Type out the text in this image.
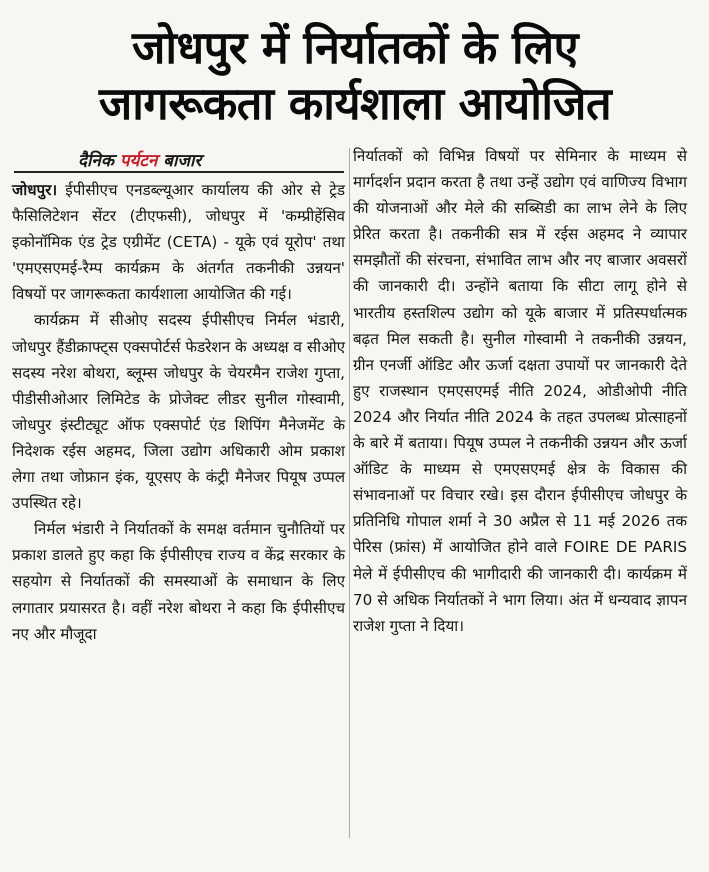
जोधपुर में निर्यातकों के लिए
जागरूकता कार्यशाला आयोजित
दैनिक पर्यटन बाजार

जोधपुर। ईपीसीएच एनडब्ल्यूआर कार्यालय की ओर से ट्रेड फैसिलिटेशन सेंटर (टीएफसी), जोधपुर में 'कम्प्रीहेंसिव इकोनॉमिक एंड ट्रेड एग्रीमेंट (CETA) - यूके एवं यूरोप' तथा 'एमएसएमई-रैम्प कार्यक्रम के अंतर्गत तकनीकी उन्नयन' विषयों पर जागरूकता कार्यशाला आयोजित की गई।

कार्यक्रम में सीओए सदस्य ईपीसीएच निर्मल भंडारी, जोधपुर हैंडीक्राफ्ट्स एक्सपोर्टर्स फेडरेशन के अध्यक्ष व सीओए सदस्य नरेश बोथरा, ब्लूम्स जोधपुर के चेयरमैन राजेश गुप्ता, पीडीसीओआर लिमिटेड के प्रोजेक्ट लीडर सुनील गोस्वामी, जोधपुर इंस्टीट्यूट ऑफ एक्सपोर्ट एंड शिपिंग मैनेजमेंट के निदेशक रईस अहमद, जिला उद्योग अधिकारी ओम प्रकाश लेगा तथा जोफ्रान इंक, यूएसए के कंट्री मैनेजर पियूष उप्पल उपस्थित रहे।

निर्मल भंडारी ने निर्यातकों के समक्ष वर्तमान चुनौतियों पर प्रकाश डालते हुए कहा कि ईपीसीएच राज्य व केंद्र सरकार के सहयोग से निर्यातकों की समस्याओं के समाधान के लिए लगातार प्रयासरत है। वहीं नरेश बोथरा ने कहा कि ईपीसीएच नए और मौजूदा

निर्यातकों को विभिन्न विषयों पर सेमिनार के माध्यम से मार्गदर्शन प्रदान करता है तथा उन्हें उद्योग एवं वाणिज्य विभाग की योजनाओं और मेले की सब्सिडी का लाभ लेने के लिए प्रेरित करता है। तकनीकी सत्र में रईस अहमद ने व्यापार समझौतों की संरचना, संभावित लाभ और नए बाजार अवसरों की जानकारी दी। उन्होंने बताया कि सीटा लागू होने से भारतीय हस्तशिल्प उद्योग को यूके बाजार में प्रतिस्पर्धात्मक बढ़त मिल सकती है। सुनील गोस्वामी ने तकनीकी उन्नयन, ग्रीन एनर्जी ऑडिट और ऊर्जा दक्षता उपायों पर जानकारी देते हुए राजस्थान एमएसएमई नीति 2024, ओडीओपी नीति 2024 और निर्यात नीति 2024 के तहत उपलब्ध प्रोत्साहनों के बारे में बताया। पियूष उप्पल ने तकनीकी उन्नयन और ऊर्जा ऑडिट के माध्यम से एमएसएमई क्षेत्र के विकास की संभावनाओं पर विचार रखे। इस दौरान ईपीसीएच जोधपुर के प्रतिनिधि गोपाल शर्मा ने 30 अप्रैल से 11 मई 2026 तक पेरिस (फ्रांस) में आयोजित होने वाले FOIRE DE PARIS मेले में ईपीसीएच की भागीदारी की जानकारी दी। कार्यक्रम में 70 से अधिक निर्यातकों ने भाग लिया। अंत में धन्यवाद ज्ञापन राजेश गुप्ता ने दिया।
